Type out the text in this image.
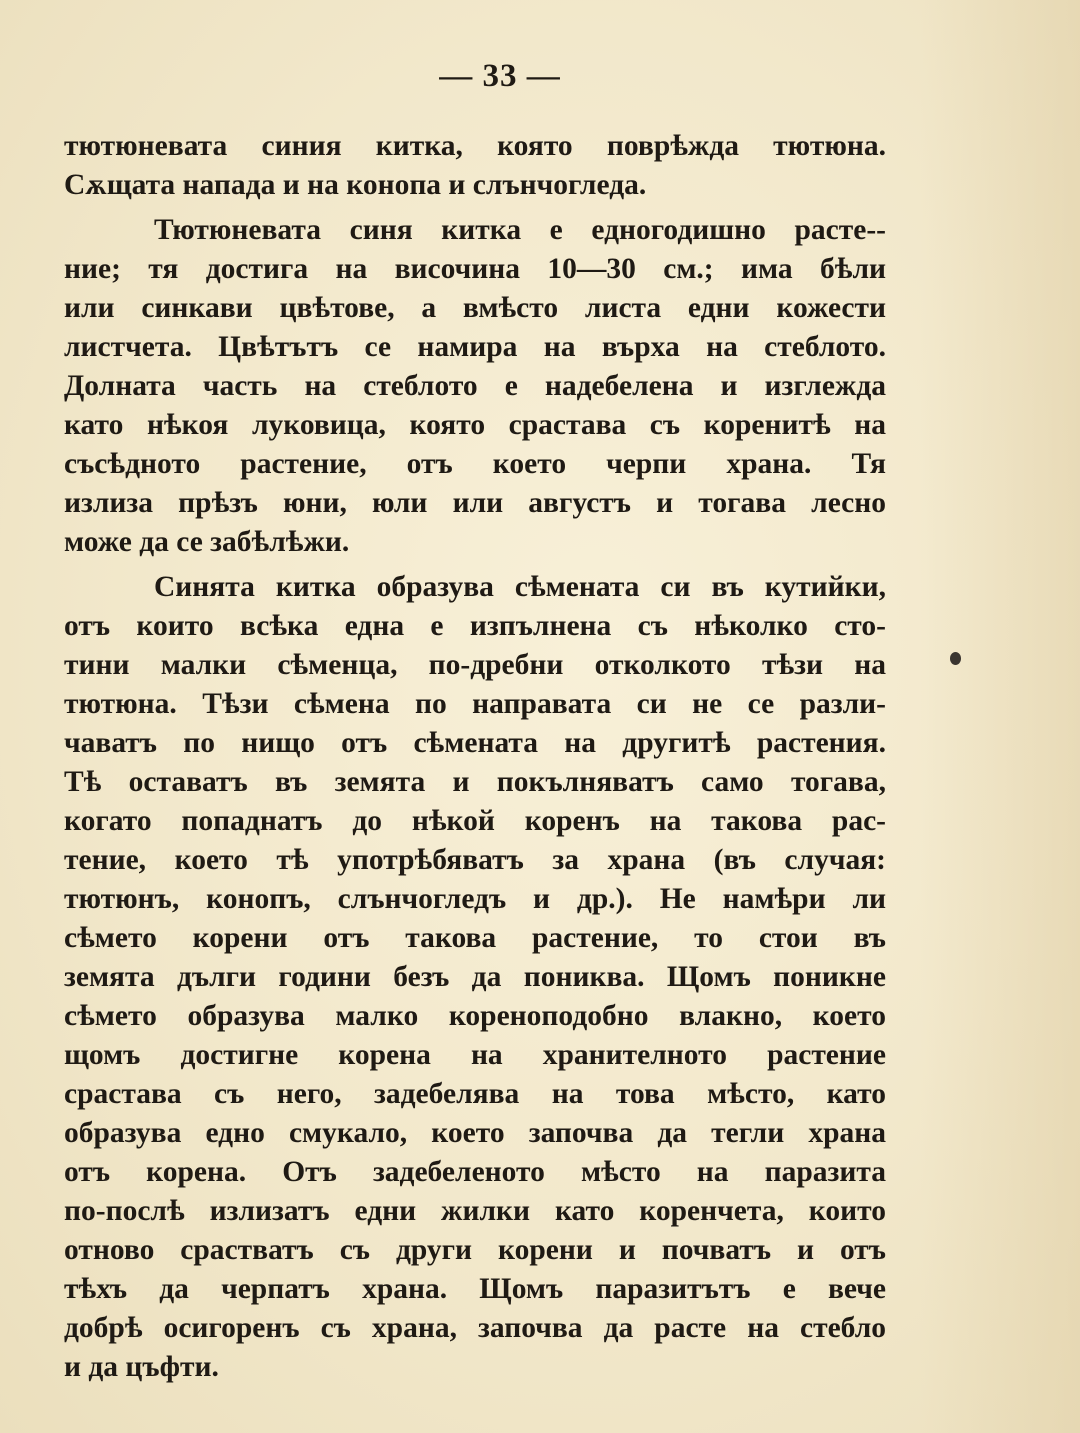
— 33 —
тютюневата синия китка, която поврѣжда тютюна.
Сѫщата напада и на конопа и слънчогледа.
Тютюневата синя китка е едногодишно расте--
ние; тя достига на височина 10—30 см.; има бѣли
или синкави цвѣтове, а вмѣсто листа едни кожести
листчета. Цвѣтътъ се намира на върха на стеблото.
Долната часть на стеблото е надебелена и изглежда
като нѣкоя луковица, която срастава съ коренитѣ на
съсѣдното растение, отъ което черпи храна. Тя
излиза прѣзъ юни, юли или августъ и тогава лесно
може да се забѣлѣжи.
Синята китка образува сѣмената си въ кутийки,
отъ които всѣка една е изпълнена съ нѣколко сто-
тини малки сѣменца, по-дребни отколкото тѣзи на
тютюна. Тѣзи сѣмена по направата си не се разли-
чаватъ по нищо отъ сѣмената на другитѣ растения.
Тѣ оставатъ въ земята и покълняватъ само тогава,
когато попаднатъ до нѣкой коренъ на такова рас-
тение, което тѣ употрѣбяватъ за храна (въ случая:
тютюнъ, конопъ, слънчогледъ и др.). Не намѣри ли
сѣмето корени отъ такова растение, то стои въ
земята дълги години безъ да пониква. Щомъ поникне
сѣмето образува малко кореноподобно влакно, което
щомъ достигне корена на хранителното растение
срастава съ него, задебелява на това мѣсто, като
образува едно смукало, което започва да тегли храна
отъ корена. Отъ задебеленото мѣсто на паразита
по-послѣ излизатъ едни жилки като коренчета, които
отново срастватъ съ други корени и почватъ и отъ
тѣхъ да черпатъ храна. Щомъ паразитътъ е вече
добрѣ осигоренъ съ храна, започва да расте на стебло
и да цъфти.
